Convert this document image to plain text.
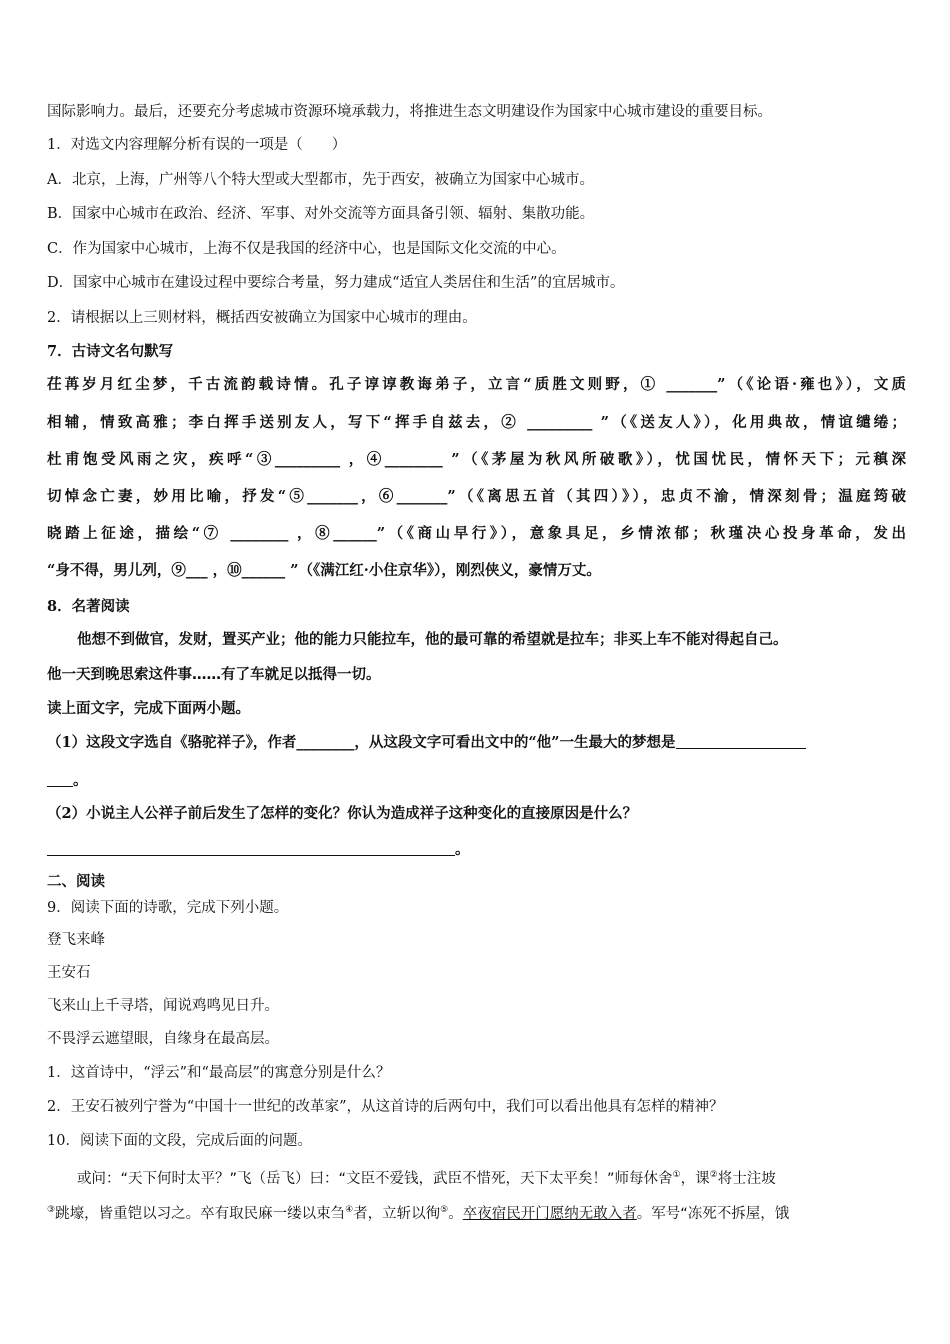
国际影响力。最后，还要充分考虑城市资源环境承载力，将推进生态文明建设作为国家中心城市建设的重要目标。
1．对选文内容理解分析有误的一项是（　　）
A．北京，上海，广州等八个特大型或大型都市，先于西安，被确立为国家中心城市。
B．国家中心城市在政治、经济、军事、对外交流等方面具备引领、辐射、集散功能。
C．作为国家中心城市，上海不仅是我国的经济中心，也是国际文化交流的中心。
D．国家中心城市在建设过程中要综合考量，努力建成“适宜人类居住和生活”的宜居城市。
2．请根据以上三则材料，概括西安被确立为国家中心城市的理由。
7．古诗文名句默写
茌苒岁月红尘梦，千古流韵载诗情。孔子谆谆教诲弟子，立言“质胜文则野，① _______”（《论语·雍也》），文质
相辅，情致高雅；李白挥手送别友人，写下“挥手自兹去，② _________ ”（《送友人》），化用典故，情谊缱绻；
杜甫饱受风雨之灾，疾呼“③_________ ，④________ ”（《茅屋为秋风所破歌》），忧国忧民，情怀天下；元稹深
切悼念亡妻，妙用比喻，抒发“⑤_______，⑥_______”（《离思五首（其四）》），忠贞不渝，情深刻骨；温庭筠破
晓踏上征途，描绘“⑦ ________ ，⑧______”（《商山早行》），意象具足，乡情浓郁；秋瑾决心投身革命，发出
“身不得，男儿列，⑨___ ，⑩______ ”（《满江红·小住京华》），刚烈侠义，豪情万丈。
8．名著阅读
他想不到做官，发财，置买产业；他的能力只能拉车，他的最可靠的希望就是拉车；非买上车不能对得起自己。
他一天到晚思索这件事……有了车就足以抵得一切。
读上面文字，完成下面两小题。
（1）这段文字选自《骆驼祥子》，作者________，从这段文字可看出文中的“他”一生最大的梦想是
。
（2）小说主人公祥子前后发生了怎样的变化？你认为造成祥子这种变化的直接原因是什么？
。
二、阅读
9．阅读下面的诗歌，完成下列小题。
登飞来峰
王安石
飞来山上千寻塔，闻说鸡鸣见日升。
不畏浮云遮望眼，自缘身在最高层。
1．这首诗中，“浮云”和“最高层”的寓意分别是什么？
2．王安石被列宁誉为“中国十一世纪的改革家”，从这首诗的后两句中，我们可以看出他具有怎样的精神？
10．阅读下面的文段，完成后面的问题。
或问：“天下何时太平？”飞（岳飞）曰：“文臣不爱钱，武臣不惜死，天下太平矣！”师每休舍①，课②将士注坡
③跳壕，皆重铠以习之。卒有取民麻一缕以束刍④者，立斩以徇⑤。卒夜宿民开门愿纳无敢入者。军号“冻死不拆屋，饿
